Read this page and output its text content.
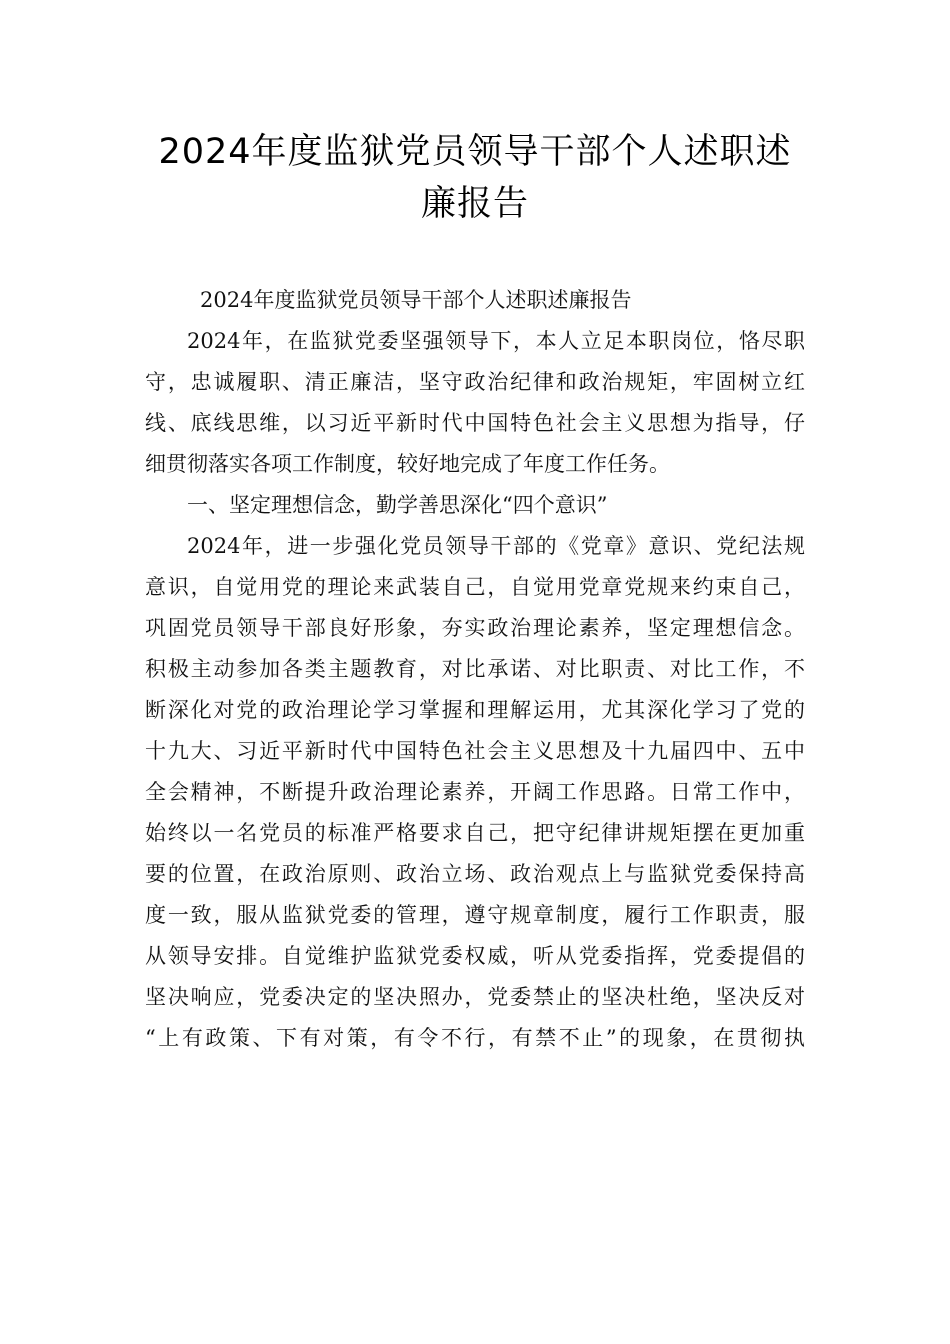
2024年度监狱党员领导干部个人述职述
廉报告
2024年度监狱党员领导干部个人述职述廉报告
2024年，在监狱党委坚强领导下，本人立足本职岗位，恪尽职
守，忠诚履职、清正廉洁，坚守政治纪律和政治规矩，牢固树立红
线、底线思维，以习近平新时代中国特色社会主义思想为指导，仔
细贯彻落实各项工作制度，较好地完成了年度工作任务。
一、坚定理想信念，勤学善思深化“四个意识”
2024年，进一步强化党员领导干部的《党章》意识、党纪法规
意识，自觉用党的理论来武装自己，自觉用党章党规来约束自己，
巩固党员领导干部良好形象，夯实政治理论素养，坚定理想信念。
积极主动参加各类主题教育，对比承诺、对比职责、对比工作，不
断深化对党的政治理论学习掌握和理解运用，尤其深化学习了党的
十九大、习近平新时代中国特色社会主义思想及十九届四中、五中
全会精神，不断提升政治理论素养，开阔工作思路。日常工作中，
始终以一名党员的标准严格要求自己，把守纪律讲规矩摆在更加重
要的位置，在政治原则、政治立场、政治观点上与监狱党委保持高
度一致，服从监狱党委的管理，遵守规章制度，履行工作职责，服
从领导安排。自觉维护监狱党委权威，听从党委指挥，党委提倡的
坚决响应，党委决定的坚决照办，党委禁止的坚决杜绝，坚决反对
“上有政策、下有对策，有令不行，有禁不止”的现象，在贯彻执
